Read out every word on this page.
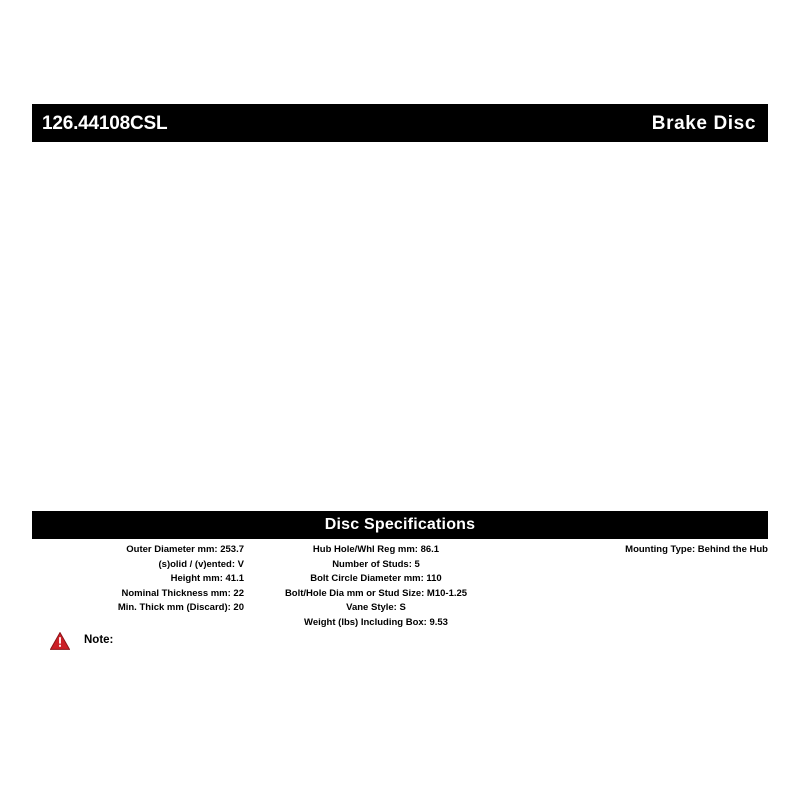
126.44108CSL	Brake Disc
Disc Specifications
Outer Diameter mm: 253.7
(s)olid / (v)ented: V
Height mm: 41.1
Nominal Thickness mm: 22
Min. Thick mm (Discard): 20
Hub Hole/Whl Reg mm: 86.1
Number of Studs: 5
Bolt Circle Diameter mm: 110
Bolt/Hole Dia mm or Stud Size: M10-1.25
Vane Style: S
Weight (lbs) Including Box: 9.53
Mounting Type: Behind the Hub
Note:
